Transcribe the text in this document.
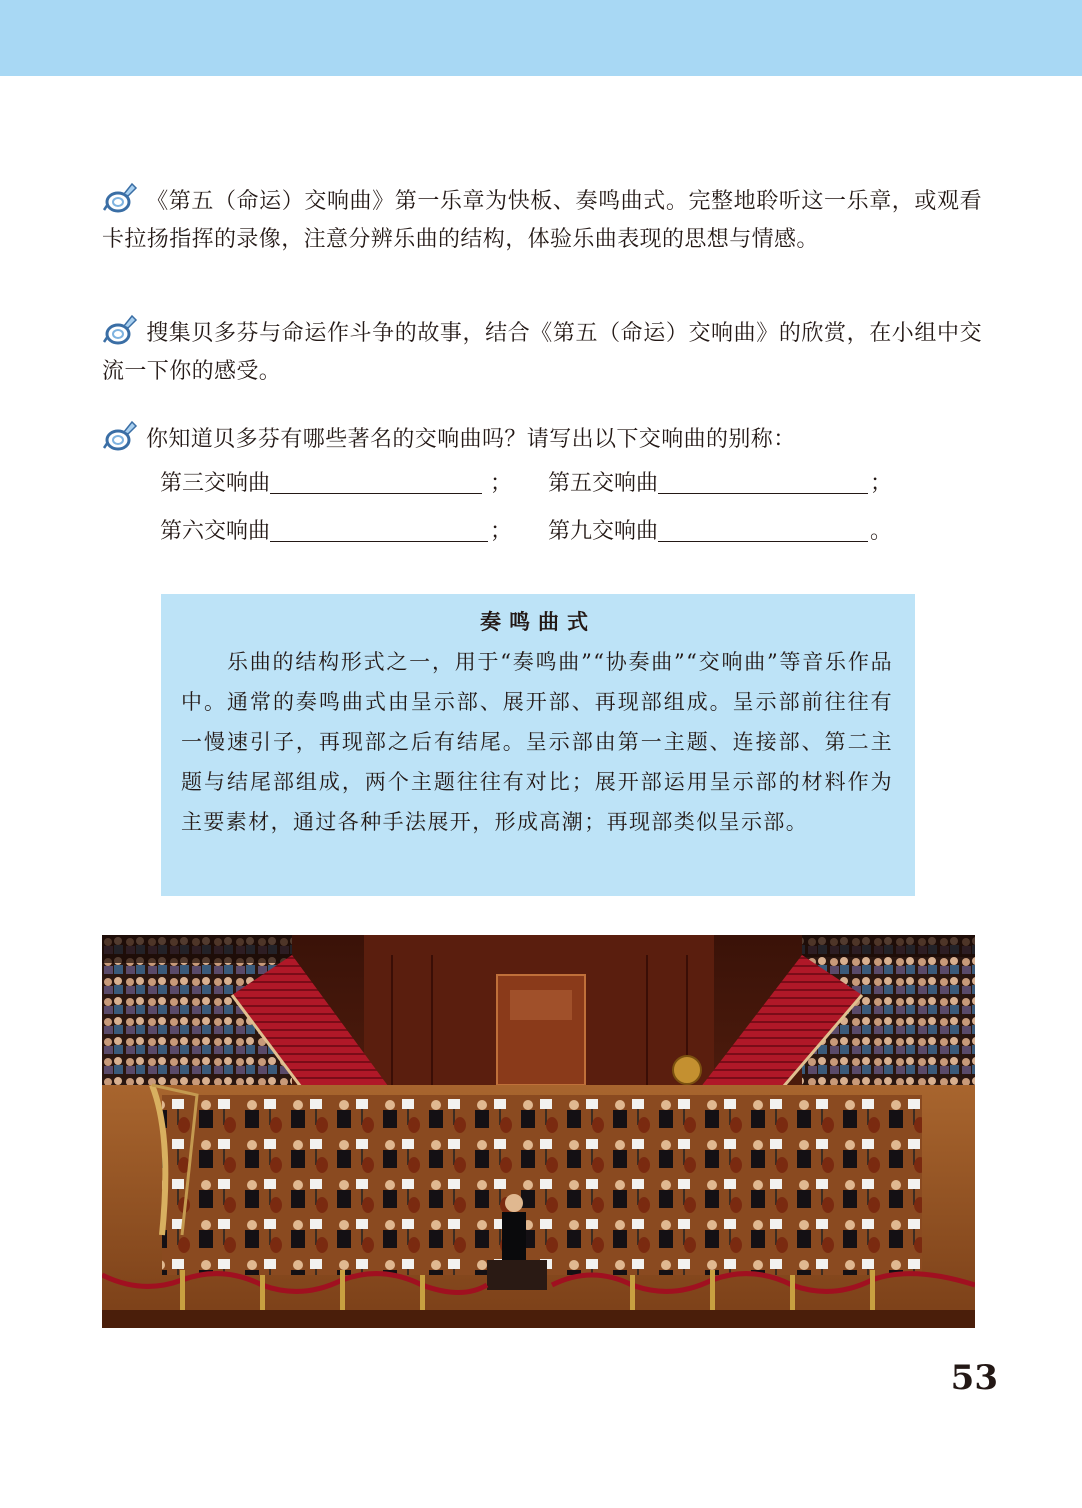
《第五（命运）交响曲》第一乐章为快板、奏鸣曲式。完整地聆听这一乐章，或观看卡拉扬指挥的录像，注意分辨乐曲的结构，体验乐曲表现的思想与情感。
搜集贝多芬与命运作斗争的故事，结合《第五（命运）交响曲》的欣赏，在小组中交流一下你的感受。
你知道贝多芬有哪些著名的交响曲吗？请写出以下交响曲的别称：
第三交响曲	； 第五交响曲	；
第六交响曲	； 第九交响曲	。
奏鸣曲式
乐曲的结构形式之一，用于“奏鸣曲”“协奏曲”“交响曲”等音乐作品中。通常的奏鸣曲式由呈示部、展开部、再现部组成。呈示部前往往有一慢速引子，再现部之后有结尾。呈示部由第一主题、连接部、第二主题与结尾部组成，两个主题往往有对比；展开部运用呈示部的材料作为主要素材，通过各种手法展开，形成高潮；再现部类似呈示部。
53
